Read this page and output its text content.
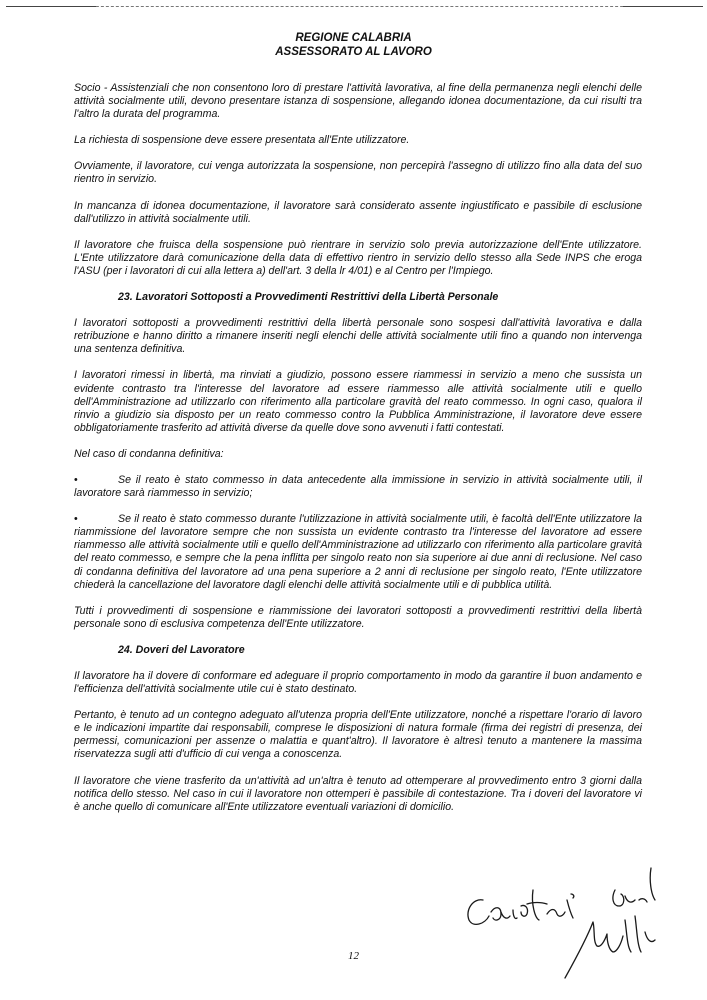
REGIONE CALABRIA
ASSESSORATO AL LAVORO

Socio - Assistenziali che non consentono loro di prestare l'attività lavorativa, al fine della permanenza negli elenchi delle attività socialmente utili, devono presentare istanza di sospensione, allegando idonea documentazione, da cui risulti tra l'altro la durata del programma.

La richiesta di sospensione deve essere presentata all'Ente utilizzatore.

Ovviamente, il lavoratore, cui venga autorizzata la sospensione, non percepirà l'assegno di utilizzo fino alla data del suo rientro in servizio.

In mancanza di idonea documentazione, il lavoratore sarà considerato assente ingiustificato e passibile di esclusione dall'utilizzo in attività socialmente utili.

Il lavoratore che fruisca della sospensione può rientrare in servizio solo previa autorizzazione dell'Ente utilizzatore. L'Ente utilizzatore darà comunicazione della data di effettivo rientro in servizio dello stesso alla Sede INPS che eroga l'ASU (per i lavoratori di cui alla lettera a) dell'art. 3 della lr 4/01) e al Centro per l'Impiego.

23. Lavoratori Sottoposti a Provvedimenti Restrittivi della Libertà Personale

I lavoratori sottoposti a provvedimenti restrittivi della libertà personale sono sospesi dall'attività lavorativa e dalla retribuzione e hanno diritto a rimanere inseriti negli elenchi delle attività socialmente utili fino a quando non intervenga una sentenza definitiva.

I lavoratori rimessi in libertà, ma rinviati a giudizio, possono essere riammessi in servizio a meno che sussista un evidente contrasto tra l'interesse del lavoratore ad essere riammesso alle attività socialmente utili e quello dell'Amministrazione ad utilizzarlo con riferimento alla particolare gravità del reato commesso. In ogni caso, qualora il rinvio a giudizio sia disposto per un reato commesso contro la Pubblica Amministrazione, il lavoratore deve essere obbligatoriamente trasferito ad attività diverse da quelle dove sono avvenuti i fatti contestati.

Nel caso di condanna definitiva:

•	Se il reato è stato commesso in data antecedente alla immissione in servizio in attività socialmente utili, il lavoratore sarà riammesso in servizio;

•	Se il reato è stato commesso durante l'utilizzazione in attività socialmente utili, è facoltà dell'Ente utilizzatore la riammissione del lavoratore sempre che non sussista un evidente contrasto tra l'interesse del lavoratore ad essere riammesso alle attività socialmente utili e quello dell'Amministrazione ad utilizzarlo con riferimento alla particolare gravità del reato commesso, e sempre che la pena inflitta per singolo reato non sia superiore ai due anni di reclusione. Nel caso di condanna definitiva del lavoratore ad una pena superiore a 2 anni di reclusione per singolo reato, l'Ente utilizzatore chiederà la cancellazione del lavoratore dagli elenchi delle attività socialmente utili e di pubblica utilità.

Tutti i provvedimenti di sospensione e riammissione dei lavoratori sottoposti a provvedimenti restrittivi della libertà personale sono di esclusiva competenza dell'Ente utilizzatore.

24. Doveri del Lavoratore

Il lavoratore ha il dovere di conformare ed adeguare il proprio comportamento in modo da garantire il buon andamento e l'efficienza dell'attività socialmente utile cui è stato destinato.

Pertanto, è tenuto ad un contegno adeguato all'utenza propria dell'Ente utilizzatore, nonché a rispettare l'orario di lavoro e le indicazioni impartite dai responsabili, comprese le disposizioni di natura formale (firma dei registri di presenza, dei permessi, comunicazioni per assenze o malattia e quant'altro). Il lavoratore è altresì tenuto a mantenere la massima riservatezza sugli atti d'ufficio di cui venga a conoscenza.

Il lavoratore che viene trasferito da un'attività ad un'altra è tenuto ad ottemperare al provvedimento entro 3 giorni dalla notifica dello stesso. Nel caso in cui il lavoratore non ottemperi è passibile di contestazione. Tra i doveri del lavoratore vi è anche quello di comunicare all'Ente utilizzatore eventuali variazioni di domicilio.

12
